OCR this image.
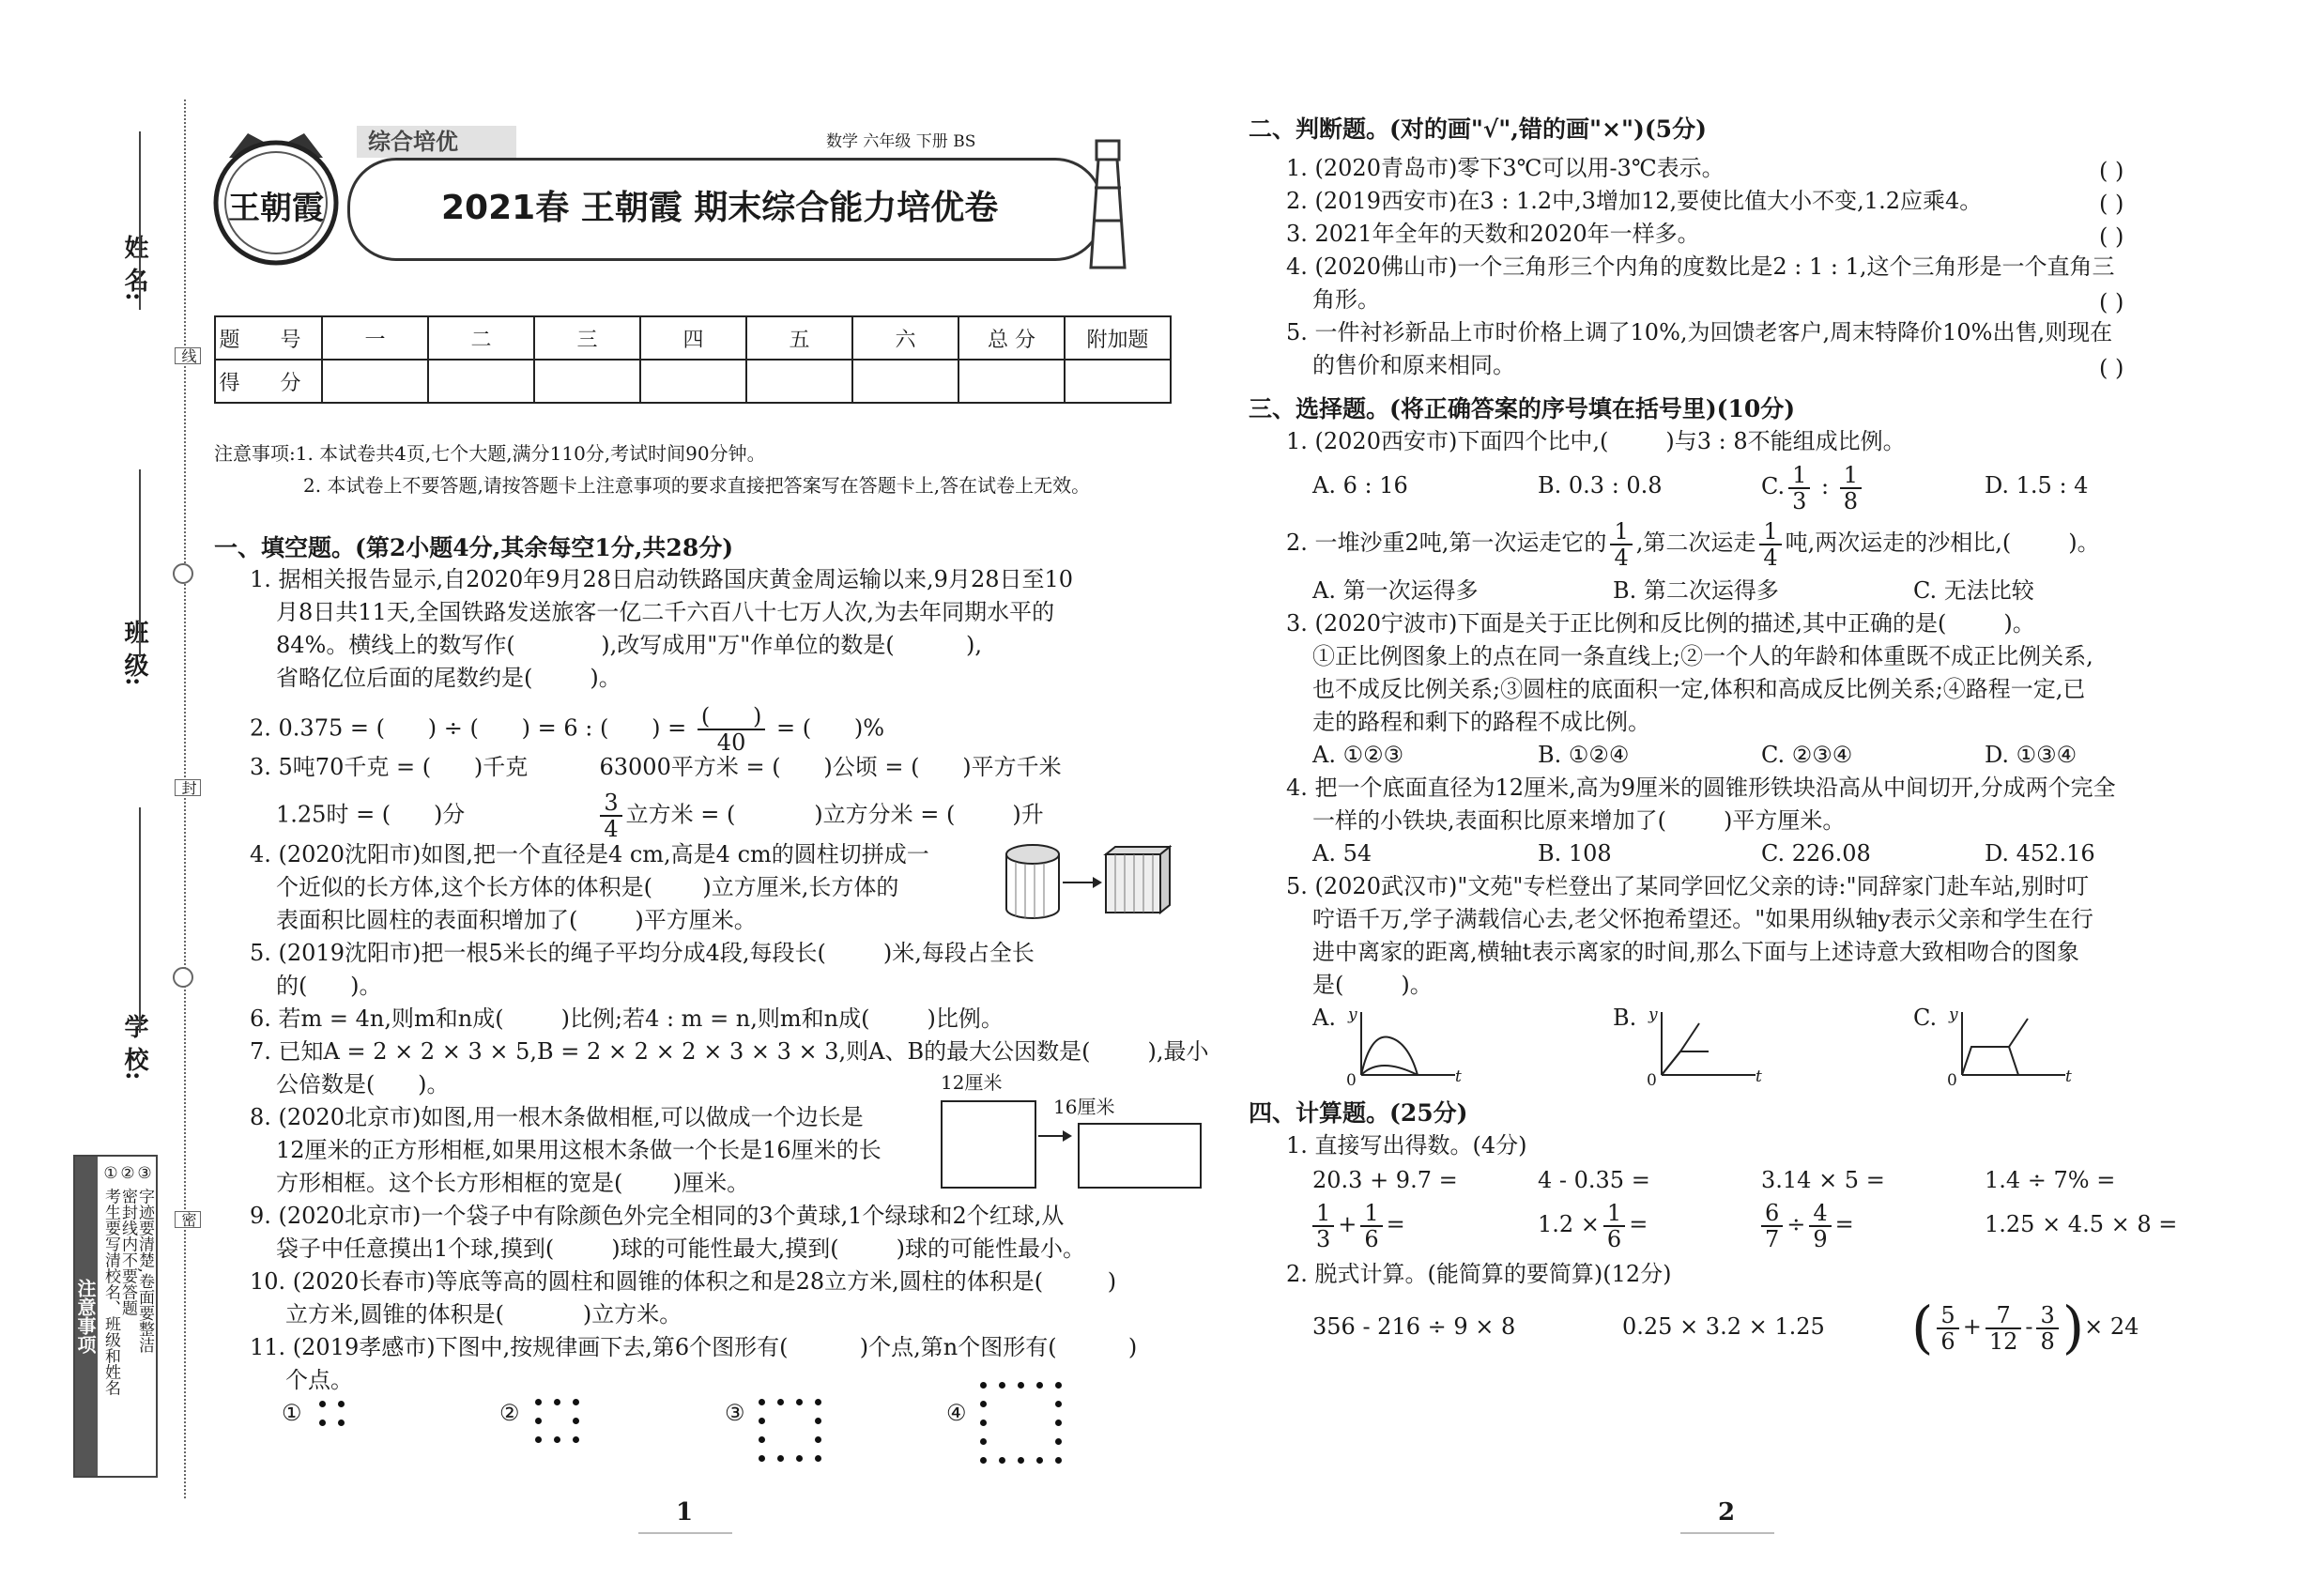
姓 名:
班 级:
学 校:
线
封
密
注意事项 ① 考生要写清校名、班级和姓名
② 密封线内不要答题
③ 字迹要清楚,卷面要整洁
王朝霞
综合培优	数学 六年级 下册 BS
2021春 王朝霞 期末综合能力培优卷
题 号	一	二	三	四	五	六	总 分	附加题
得 分								
注意事项:1. 本试卷共4页,七个大题,满分110分,考试时间90分钟。
2. 本试卷上不要答题,请按答题卡上注意事项的要求直接把答案写在答题卡上,答在试卷上无效。
一、填空题。(第2小题4分,其余每空1分,共28分)
1. 据相关报告显示,自2020年9月28日启动铁路国庆黄金周运输以来,9月28日至10
月8日共11天,全国铁路发送旅客一亿二千六百八十七万人次,为去年同期水平的
84%。横线上的数写作(            ),改写成用"万"作单位的数是(          ),
省略亿位后面的尾数约是(        )。
2. 0.375 = (      ) ÷ (      ) = 6 : (      ) = $\frac{( )}{40}$ = (      )%
3. 5吨70千克 = (      )千克          63000平方米 = (      )公顷 = (      )平方千米
1.25时 = (      )分	$\frac{3}{4}$ 立方米 = (           )立方分米 = (        )升
4. (2020沈阳市)如图,把一个直径是4 cm,高是4 cm的圆柱切拼成一
个近似的长方体,这个长方体的体积是(       )立方厘米,长方体的
表面积比圆柱的表面积增加了(        )平方厘米。
5. (2019沈阳市)把一根5米长的绳子平均分成4段,每段长(        )米,每段占全长
的(      )。
6. 若m = 4n,则m和n成(        )比例;若4 : m = n,则m和n成(        )比例。
7. 已知A = 2 × 2 × 3 × 5,B = 2 × 2 × 2 × 3 × 3 × 3,则A、B的最大公因数是(        ),最小
公倍数是(      )。
8. (2020北京市)如图,用一根木条做相框,可以做成一个边长是
12厘米的正方形相框,如果用这根木条做一个长是16厘米的长
方形相框。这个长方形相框的宽是(       )厘米。
12厘米
16厘米
9. (2020北京市)一个袋子中有除颜色外完全相同的3个黄球,1个绿球和2个红球,从
袋子中任意摸出1个球,摸到(        )球的可能性最大,摸到(        )球的可能性最小。
10. (2020长春市)等底等高的圆柱和圆锥的体积之和是28立方米,圆柱的体积是(         )
立方米,圆锥的体积是(           )立方米。
11. (2019孝感市)下图中,按规律画下去,第6个图形有(          )个点,第n个图形有(          )
个点。
①	②	③	④
二、判断题。(对的画"√",错的画"×")(5分)
1. (2020青岛市)零下3℃可以用-3℃表示。	( )
2. (2019西安市)在3 : 1.2中,3增加12,要使比值大小不变,1.2应乘4。	( )
3. 2021年全年的天数和2020年一样多。	( )
4. (2020佛山市)一个三角形三个内角的度数比是2 : 1 : 1,这个三角形是一个直角三
角形。	( )
5. 一件衬衫新品上市时价格上调了10%,为回馈老客户,周末特降价10%出售,则现在
的售价和原来相同。	( )
三、选择题。(将正确答案的序号填在括号里)(10分)
1. (2020西安市)下面四个比中,(        )与3 : 8不能组成比例。
A. 6 : 16	B. 0.3 : 0.8	C. $\frac{1}{3}$ : $\frac{1}{8}$	D. 1.5 : 4
2. 一堆沙重2吨,第一次运走它的 $\frac{1}{4}$ ,第二次运走 $\frac{1}{4}$ 吨,两次运走的沙相比,(        )。
A. 第一次运得多	B. 第二次运得多	C. 无法比较
3. (2020宁波市)下面是关于正比例和反比例的描述,其中正确的是(        )。
①正比例图象上的点在同一条直线上;②一个人的年龄和体重既不成正比例关系,
也不成反比例关系;③圆柱的底面积一定,体积和高成反比例关系;④路程一定,已
走的路程和剩下的路程不成比例。
A. ①②③	B. ①②④	C. ②③④	D. ①③④
4. 把一个底面直径为12厘米,高为9厘米的圆锥形铁块沿高从中间切开,分成两个完全
一样的小铁块,表面积比原来增加了(        )平方厘米。
A. 54	B. 108	C. 226.08	D. 452.16
5. (2020武汉市)"文苑"专栏登出了某同学回忆父亲的诗:"同辞家门赴车站,别时叮
咛语千万,学子满载信心去,老父怀抱希望还。"如果用纵轴y表示父亲和学生在行
进中离家的距离,横轴t表示离家的时间,那么下面与上述诗意大致相吻合的图象
是(        )。
A. y
t
0
B. y
t
0
C. y
t
0
四、计算题。(25分)
1. 直接写出得数。(4分)
20.3 + 9.7 =	4 - 0.35 =	3.14 × 5 =	1.4 ÷ 7% =
$\frac{1}{3} + \frac{1}{6}$ =	$1.2 \times \frac{1}{6}$ =	$\frac{6}{7} \div \frac{4}{9}$ =	1.25 × 4.5 × 8 =
2. 脱式计算。(能简算的要简算)(12分)
356 - 216 ÷ 9 × 8	0.25 × 3.2 × 1.25 ( $\frac{5}{6} + \frac{7}{12} - \frac{3}{8}$ )× 24
1	2
